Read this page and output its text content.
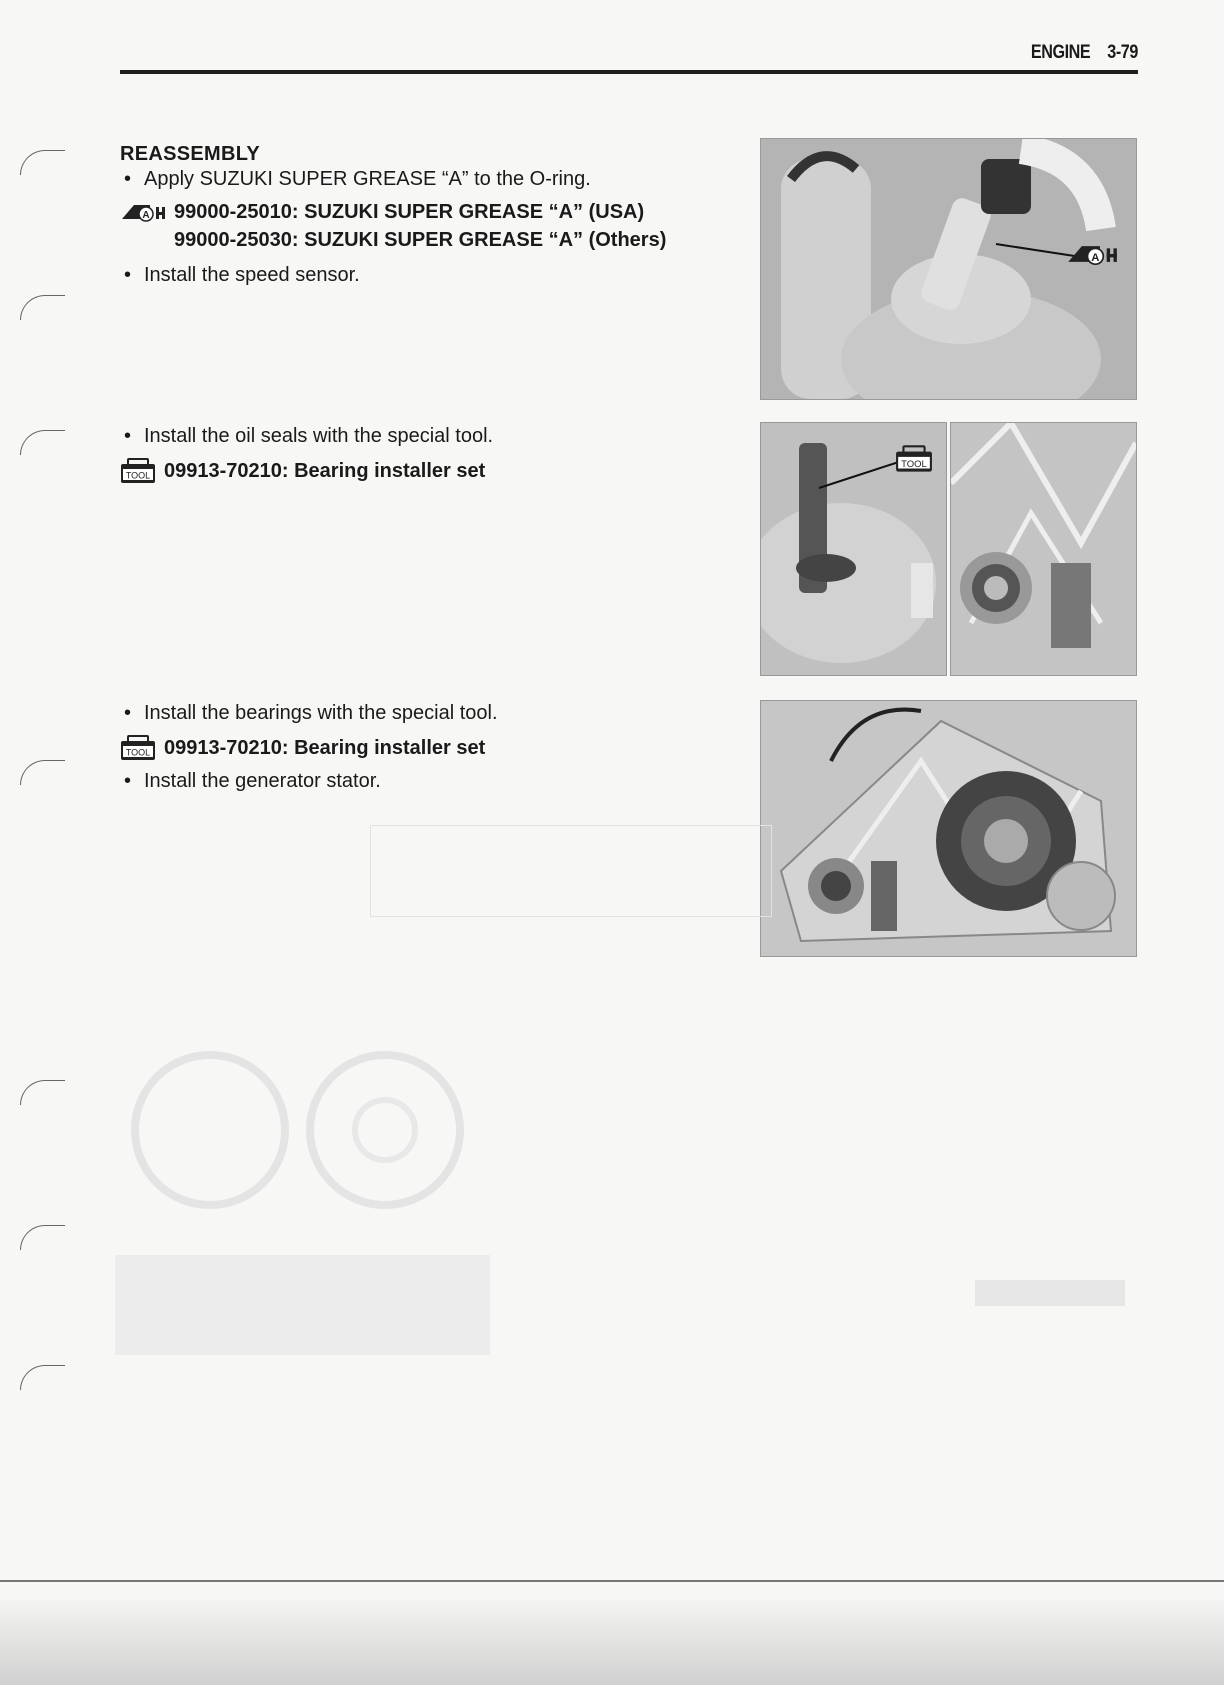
ENGINE 3-79
REASSEMBLY
• Apply SUZUKI SUPER GREASE “A” to the O-ring.
A 99000-25010: SUZUKI SUPER GREASE “A” (USA)
99000-25030: SUZUKI SUPER GREASE “A” (Others)
• Install the speed sensor.
• Install the oil seals with the special tool.
TOOL 09913-70210: Bearing installer set
• Install the bearings with the special tool.
TOOL 09913-70210: Bearing installer set
• Install the generator stator.
A
TOOL
